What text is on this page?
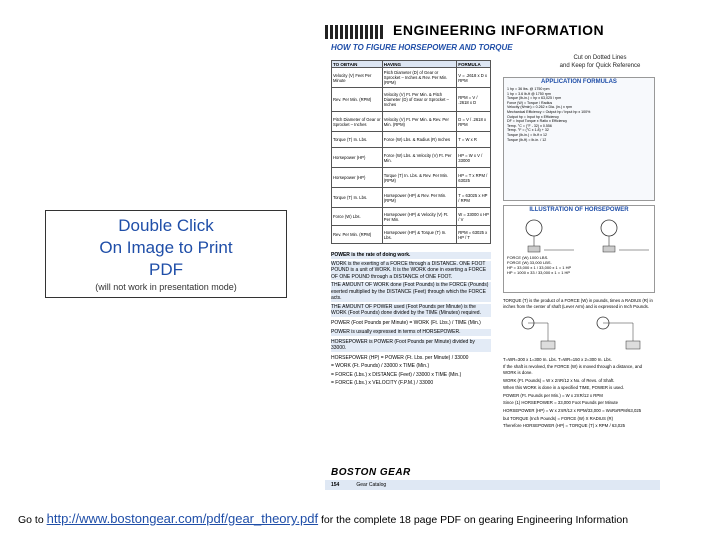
Double Click
On Image to Print
PDF
(will not work in presentation mode)
ENGINEERING INFORMATION
HOW TO FIGURE HORSEPOWER AND TORQUE
Cut on Dotted Lines
and Keep for Quick Reference
TO OBTAIN	HAVING	FORMULA
Velocity (V) Feet Per Minute	Pitch Diameter (D) of Gear or Sprocket – Inches & Rev. Per Min. (RPM)	V = .2618 x D x RPM
Rev. Per Min. (RPM)	Velocity (V) Ft. Per Min. & Pitch Diameter (D) of Gear or Sprocket – Inches	RPM = V / .2618 x D
Pitch Diameter of Gear or Sprocket – Inches	Velocity (V) Ft. Per Min. & Rev. Per Min. (RPM)	D = V / .2618 x RPM
Torque (T) In. Lbs.	Force (W) Lbs. & Radius (R) Inches	T = W x R
Horsepower (HP)	Force (W) Lbs. & Velocity (V) Ft. Per Min.	HP = W x V / 33000
Horsepower (HP)	Torque (T) In. Lbs. & Rev. Per Min. (RPM)	HP = T x RPM / 63025
Torque (T) In. Lbs.	Horsepower (HP) & Rev. Per Min. (RPM)	T = 63025 x HP / RPM
Force (W) Lbs.	Horsepower (HP) & Velocity (V) Ft. Per Min.	W = 33000 x HP / V
Rev. Per Min. (RPM)	Horsepower (HP) & Torque (T) In. Lbs.	RPM = 63025 x HP / T
POWER is the rate of doing work.
WORK is the exerting of a FORCE through a DISTANCE. ONE FOOT POUND is a unit of WORK. It is the WORK done in exerting a FORCE OF ONE POUND through a DISTANCE of ONE FOOT.
THE AMOUNT OF WORK done (Foot Pounds) is the FORCE (Pounds) exerted multiplied by the DISTANCE (Feet) through which the FORCE acts.
THE AMOUNT OF POWER used (Foot Pounds per Minute) is the WORK (Foot Pounds) done divided by the TIME (Minutes) required.
POWER (Foot Pounds per Minute) = WORK (Ft. Lbs.) / TIME (Min.)
POWER is usually expressed in terms of HORSEPOWER.
HORSEPOWER is POWER (Foot Pounds per Minute) divided by 33000.
HORSEPOWER (HP) = POWER (Ft. Lbs. per Minute) / 33000
= WORK (Ft. Pounds) / 33000 x TIME (Min.)
= FORCE (Lbs.) x DISTANCE (Feet) / 33000 x TIME (Min.)
= FORCE (Lbs.) x VELOCITY (F.P.M.) / 33000
APPLICATION FORMULAS
1 hp = 36 lbs. @ 1750 rpm
1 hp = 3.6 lb-ft @ 1750 rpm
Torque (lb-in.) = hp x 63,025 / rpm
Force (W) = Torque / Radius
Velocity (ft/min) = 0.262 x Dia. (in.) x rpm
Mechanical Efficiency = Output hp / Input hp x 100%
Output hp = Input hp x Efficiency
DF = Input Torque x Ratio x Efficiency
Temp. °C = (°F - 32) x 0.556
Temp. °F = (°C x 1.8) + 32
Torque (lb-in.) = lb-ft x 12
Torque (lb-ft) = lb-in. / 12
ILLUSTRATION OF HORSEPOWER
FORCE (W) 1000 LBS.
FORCE (W) 33,000 LBS.
HP = 33,000 x 1 / 33,000 x 1 = 1 HP
HP = 1000 x 33 / 33,000 x 1 = 1 HP
TORQUE (T) is the product of a FORCE (W) in pounds, times a RADIUS (R) in inches from the center of shaft (Lever Arm) and is expressed in Inch Pounds.
T=WR=300 x 1=300 In. Lbs. T=WR=150 x 2=300 In. Lbs.
If the shaft is revolved, the FORCE (W) is moved through a distance, and WORK is done.
WORK (Ft. Pounds) = W x 2πR/12 x No. of Revs. of Shaft.
When this WORK is done in a specified TIME, POWER is used.
POWER (Ft. Pounds per Min.) = W x 2πR/12 x RPM
Since (1) HORSEPOWER = 33,000 Foot Pounds per Minute
HORSEPOWER (HP) = W x 2πR/12 x RPM/33,000 = WxRxRPM/63,025
but TORQUE (Inch Pounds) = FORCE (W) X RADIUS (R)
Therefore HORSEPOWER (HP) = TORQUE (T) x RPM / 63,025
BOSTON GEAR
154	Gear Catalog
Go to http://www.bostongear.com/pdf/gear_theory.pdf for the complete 18 page PDF on gearing Engineering Information
